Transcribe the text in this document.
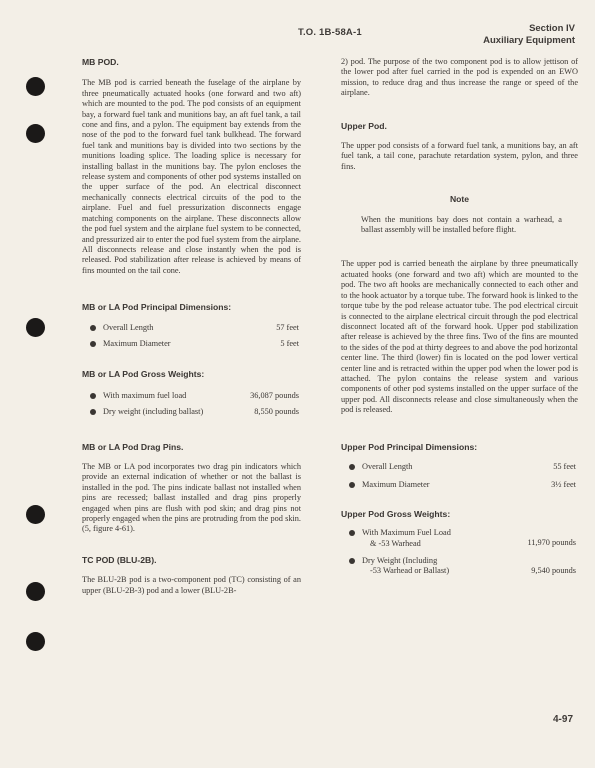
T.O. 1B-58A-1	Section IV
Auxiliary Equipment
MB POD.

The MB pod is carried beneath the fuselage of the airplane by three pneumatically actuated hooks (one forward and two aft) which are mounted to the pod. The pod consists of an equipment bay, a forward fuel tank and munitions bay, an aft fuel tank, a tail cone and fins, and a pylon. The equipment bay extends from the nose of the pod to the forward fuel tank bulkhead. The forward fuel tank and munitions bay is divided into two sections by the munitions loading splice. The loading splice is necessary for installing ballast in the munitions bay. The pylon encloses the release system and components of other pod systems installed on the upper surface of the pod. An electrical disconnect mechanically connects electrical circuits of the pod to the airplane. Fuel and fuel pressurization disconnects engage matching components on the airplane. These disconnects allow the pod fuel system and the airplane fuel system to be connected, and pressurized air to enter the pod fuel system from the airplane. All disconnects release and close instantly when the pod is released. Pod stabilization after release is achieved by means of fins mounted on the tail cone.

MB or LA Pod Principal Dimensions:
Overall Length	57 feet
Maximum Diameter	5 feet
MB or LA Pod Gross Weights:
With maximum fuel load	36,087 pounds
Dry weight (including ballast)	8,550 pounds
MB or LA Pod Drag Pins.

The MB or LA pod incorporates two drag pin indicators which provide an external indication of whether or not the ballast is installed in the pod. The pins indicate ballast not installed when pins are recessed; ballast installed and drag pins properly engaged when pins are flush with pod skin; and drag pins not properly engaged when the pins are protruding from the pod skin. (5, figure 4-61).

TC POD (BLU-2B).

The BLU-2B pod is a two-component pod (TC) consisting of an upper (BLU-2B-3) pod and a lower (BLU-2B-

2) pod. The purpose of the two component pod is to allow jettison of the lower pod after fuel carried in the pod is expended on an EWO mission, to reduce drag and thus increase the range or speed of the airplane.

Upper Pod.

The upper pod consists of a forward fuel tank, a munitions bay, an aft fuel tank, a tail cone, parachute retardation system, pylon, and three fins.

Note

When the munitions bay does not contain a warhead, a ballast assembly will be installed before flight.

The upper pod is carried beneath the airplane by three pneumatically actuated hooks (one forward and two aft) which are mounted to the pod. The two aft hooks are mechanically connected to each other and to the hook actuator by a torque tube. The forward hook is linked to the torque tube by the pod release actuator tube. The pod electrical circuit is connected to the airplane electrical circuit through the pod electrical disconnect located aft of the forward hook. Upper pod stabilization after release is achieved by the three fins. Two of the fins are mounted to the sides of the pod at thirty degrees to and above the pod horizontal center line. The third (lower) fin is located on the pod lower vertical center line and is retracted within the upper pod when the lower pod is attached. The pylon contains the release system and various components of other pod systems installed on the upper surface of the upper pod. All disconnects release and close simultaneously when the pod is released.

Upper Pod Principal Dimensions:
Overall Length	55 feet
Maximum Diameter	3½ feet
Upper Pod Gross Weights:
With Maximum Fuel Load
& -53 Warhead	11,970 pounds
Dry Weight (Including
-53 Warhead or Ballast)	9,540 pounds
4-97
